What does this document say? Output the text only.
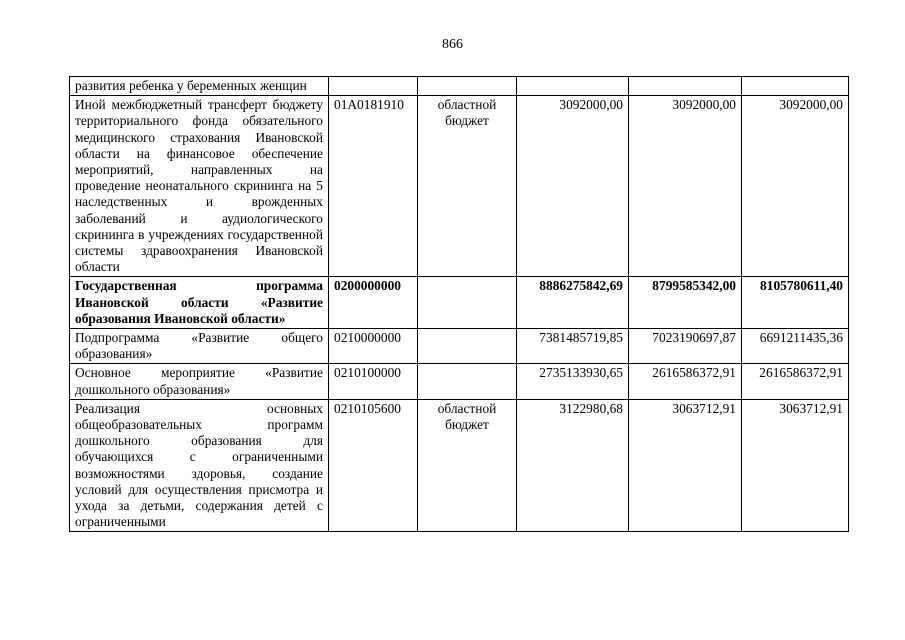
866
развития ребенка у беременных женщин					
Иной межбюджетный трансферт бюджету территориального фонда обязательного медицинского страхования Ивановской области на финансовое обеспечение мероприятий, направленных на проведение неонатального скрининга на 5 наследственных и врожденных заболеваний и аудиологического скрининга в учреждениях государственной системы здравоохранения Ивановской области	01А0181910	областной бюджет	3092000,00	3092000,00	3092000,00
Государственная программа Ивановской области «Развитие образования Ивановской области»	0200000000		8886275842,69	8799585342,00	8105780611,40
Подпрограмма «Развитие общего образования»	0210000000		7381485719,85	7023190697,87	6691211435,36
Основное мероприятие «Развитие дошкольного образования»	0210100000		2735133930,65	2616586372,91	2616586372,91
Реализация основных общеобразовательных программ дошкольного образования для обучающихся с ограниченными возможностями здоровья, создание условий для осуществления присмотра и ухода за детьми, содержания детей с ограниченными	0210105600	областной бюджет	3122980,68	3063712,91	3063712,91
